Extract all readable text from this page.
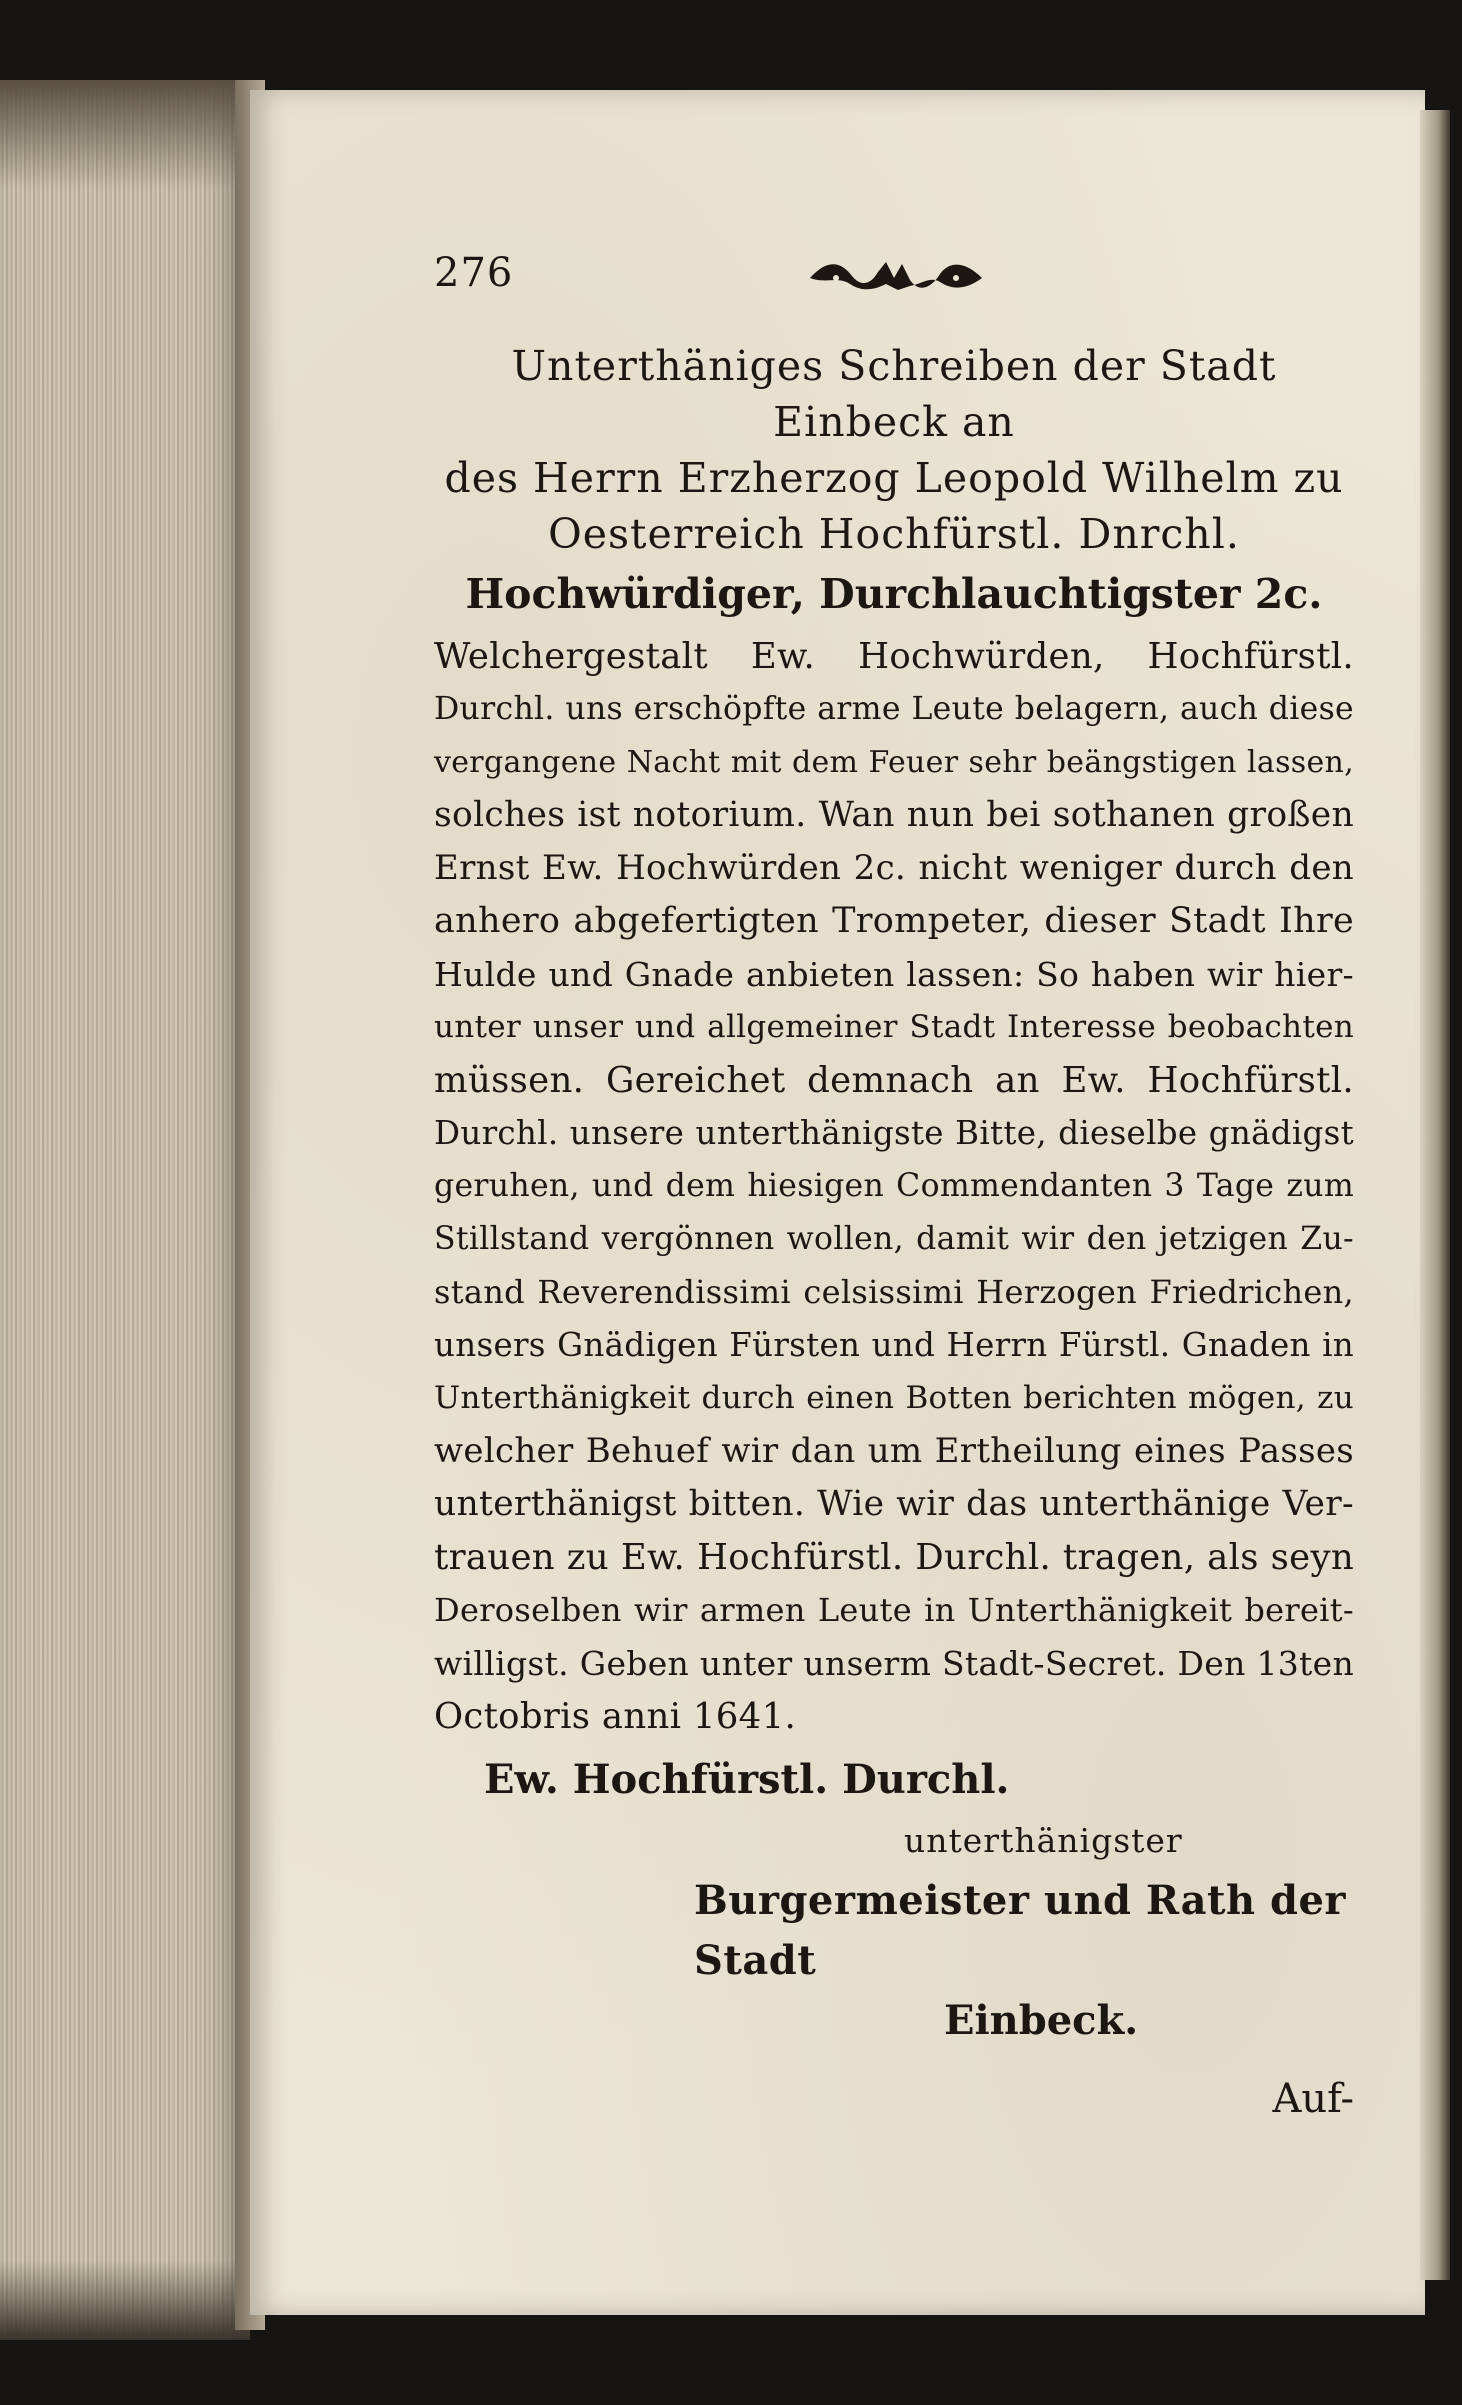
276
Unterthäniges Schreiben der Stadt Einbeck an
des Herrn Erzherzog Leopold Wilhelm zu
Oesterreich Hochfürstl. Dnrchl.
Hochwürdiger, Durchlauchtigster 2c.
Welchergestalt Ew. Hochwürden, Hochfürstl.
Durchl. uns erschöpfte arme Leute belagern, auch diese
vergangene Nacht mit dem Feuer sehr beängstigen lassen,
solches ist notorium. Wan nun bei sothanen großen
Ernst Ew. Hochwürden 2c. nicht weniger durch den
anhero abgefertigten Trompeter, dieser Stadt Ihre
Hulde und Gnade anbieten lassen: So haben wir hier-
unter unser und allgemeiner Stadt Interesse beobachten
müssen. Gereichet demnach an Ew. Hochfürstl.
Durchl. unsere unterthänigste Bitte, dieselbe gnädigst
geruhen, und dem hiesigen Commendanten 3 Tage zum
Stillstand vergönnen wollen, damit wir den jetzigen Zu-
stand Reverendissimi celsissimi Herzogen Friedrichen,
unsers Gnädigen Fürsten und Herrn Fürstl. Gnaden in
Unterthänigkeit durch einen Botten berichten mögen, zu
welcher Behuef wir dan um Ertheilung eines Passes
unterthänigst bitten. Wie wir das unterthänige Ver-
trauen zu Ew. Hochfürstl. Durchl. tragen, als seyn
Deroselben wir armen Leute in Unterthänigkeit bereit-
willigst. Geben unter unserm Stadt-Secret. Den 13ten
Octobris anni 1641.
Ew. Hochfürstl. Durchl.
unterthänigster
Burgermeister und Rath der Stadt
Einbeck.
Auf-
